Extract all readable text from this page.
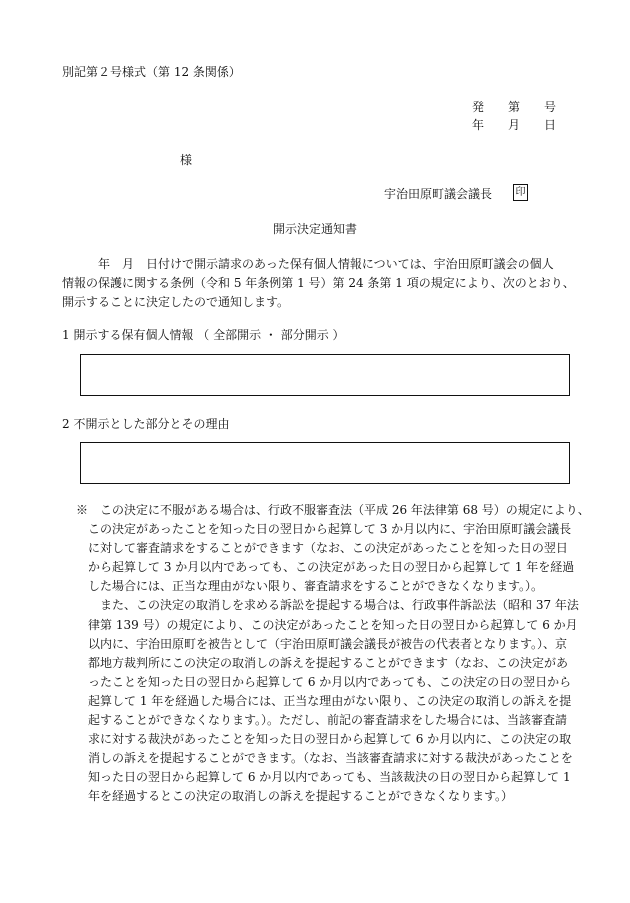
別記第２号様式（第 12 条関係）
発　　第　　号
年　　月　　日
様
宇治田原町議会議長 印
開示決定通知書
　　　年　月　日付けで開示請求のあった保有個人情報については、宇治田原町議会の個人
情報の保護に関する条例（令和 5 年条例第 1 号）第 24 条第 1 項の規定により、次のとおり、
開示することに決定したので通知します。
1 開示する保有個人情報 （ 全部開示 ・ 部分開示 ）
2 不開示とした部分とその理由
※　この決定に不服がある場合は、行政不服審査法（平成 26 年法律第 68 号）の規定により、
　この決定があったことを知った日の翌日から起算して 3 か月以内に、宇治田原町議会議長
　に対して審査請求をすることができます（なお、この決定があったことを知った日の翌日
　から起算して 3 か月以内であっても、この決定があった日の翌日から起算して 1 年を経過
　した場合には、正当な理由がない限り、審査請求をすることができなくなります。）。
　　また、この決定の取消しを求める訴訟を提起する場合は、行政事件訴訟法（昭和 37 年法
　律第 139 号）の規定により、この決定があったことを知った日の翌日から起算して 6 か月
　以内に、宇治田原町を被告として（宇治田原町議会議長が被告の代表者となります。）、京
　都地方裁判所にこの決定の取消しの訴えを提起することができます（なお、この決定があ
　ったことを知った日の翌日から起算して 6 か月以内であっても、この決定の日の翌日から
　起算して 1 年を経過した場合には、正当な理由がない限り、この決定の取消しの訴えを提
　起することができなくなります。）。ただし、前記の審査請求をした場合には、当該審査請
　求に対する裁決があったことを知った日の翌日から起算して 6 か月以内に、この決定の取
　消しの訴えを提起することができます。（なお、当該審査請求に対する裁決があったことを
　知った日の翌日から起算して 6 か月以内であっても、当該裁決の日の翌日から起算して 1
　年を経過するとこの決定の取消しの訴えを提起することができなくなります。）
